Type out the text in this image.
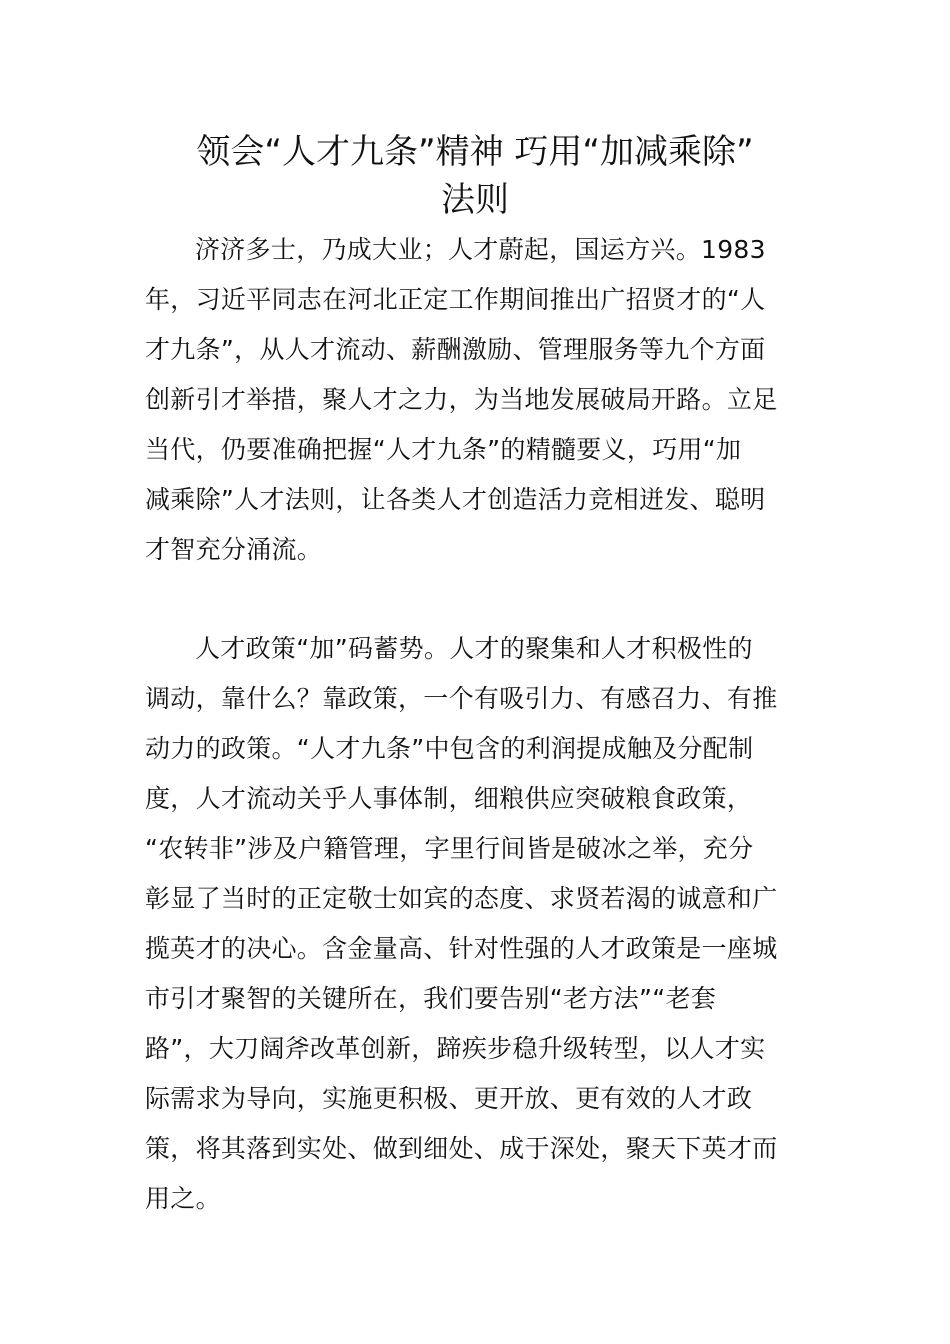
领会“人才九条”精神 巧用“加减乘除”
法则
济济多士，乃成大业；人才蔚起，国运方兴。1983
年，习近平同志在河北正定工作期间推出广招贤才的“人
才九条”，从人才流动、薪酬激励、管理服务等九个方面
创新引才举措，聚人才之力，为当地发展破局开路。立足
当代，仍要准确把握“人才九条”的精髓要义，巧用“加
减乘除”人才法则，让各类人才创造活力竞相迸发、聪明
才智充分涌流。
人才政策“加”码蓄势。人才的聚集和人才积极性的
调动，靠什么？靠政策，一个有吸引力、有感召力、有推
动力的政策。“人才九条”中包含的利润提成触及分配制
度，人才流动关乎人事体制，细粮供应突破粮食政策，
“农转非”涉及户籍管理，字里行间皆是破冰之举，充分
彰显了当时的正定敬士如宾的态度、求贤若渴的诚意和广
揽英才的决心。含金量高、针对性强的人才政策是一座城
市引才聚智的关键所在，我们要告别“老方法”“老套
路”，大刀阔斧改革创新，蹄疾步稳升级转型，以人才实
际需求为导向，实施更积极、更开放、更有效的人才政
策，将其落到实处、做到细处、成于深处，聚天下英才而
用之。
